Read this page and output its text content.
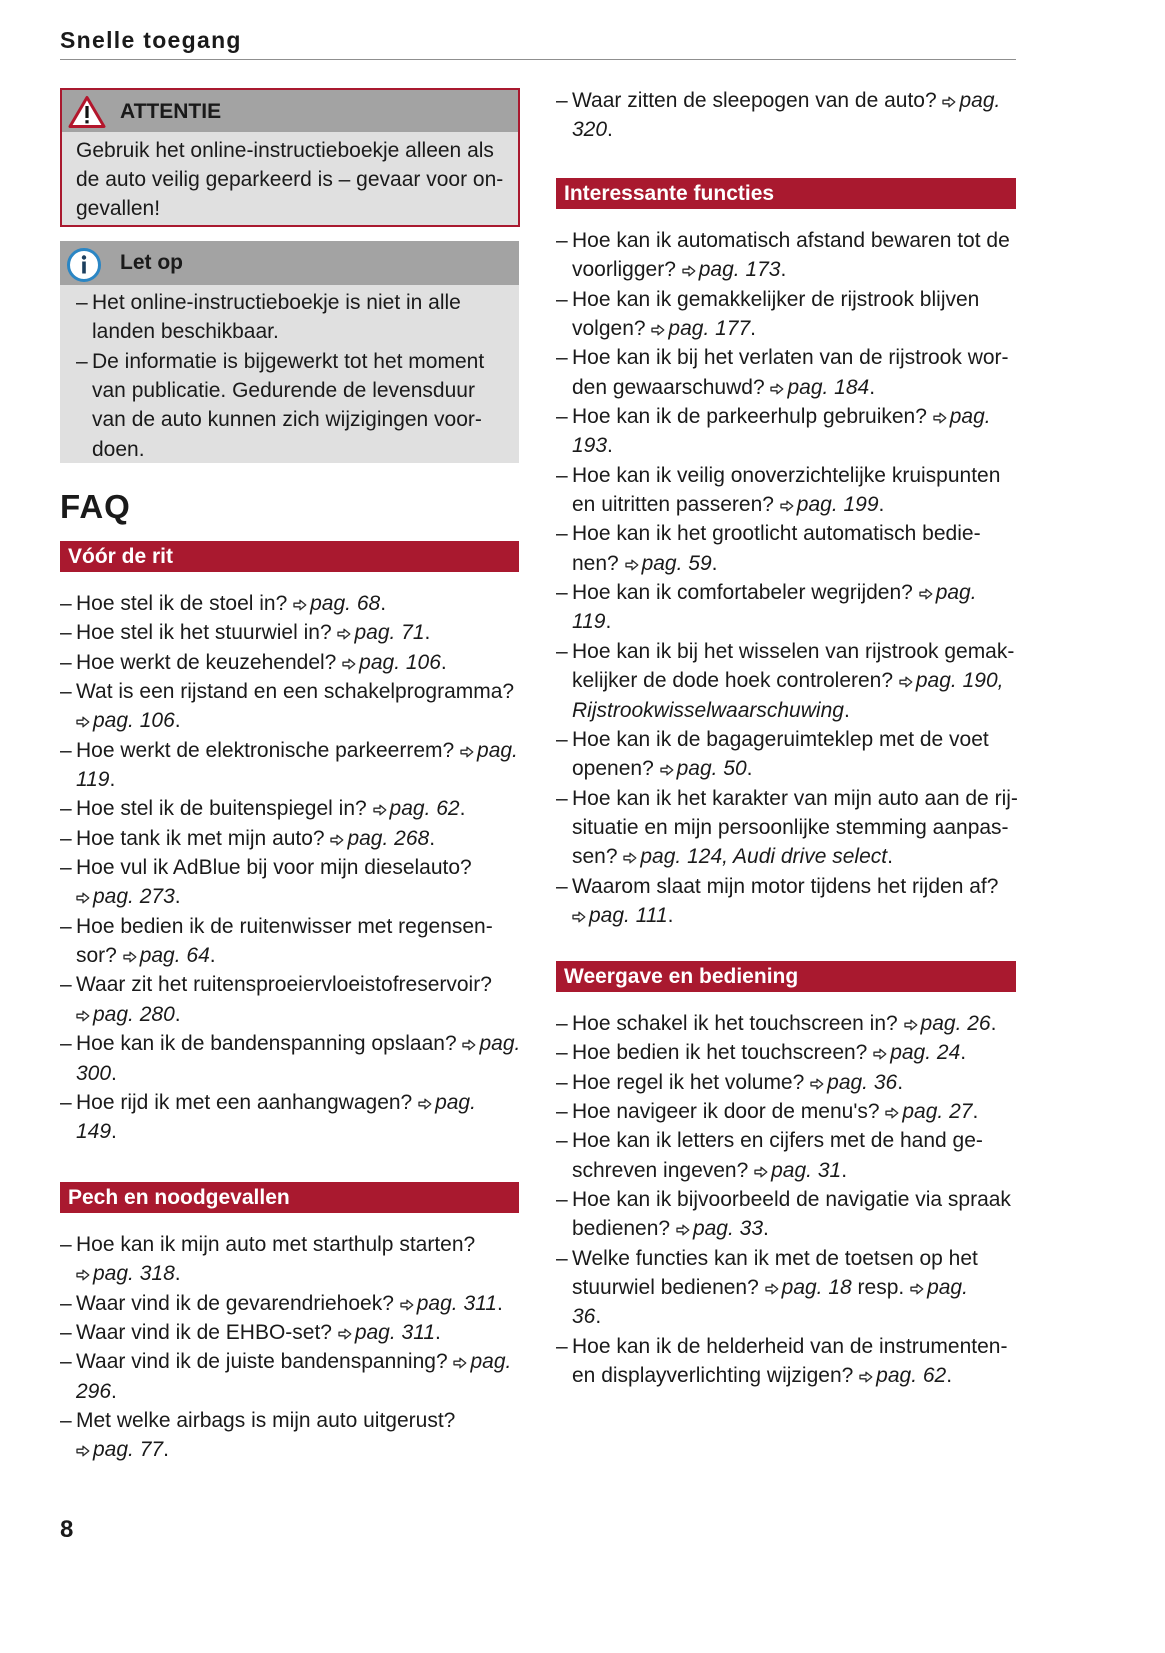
Snelle toegang
ATTENTIE
Gebruik het online-instructieboekje alleen als
de auto veilig geparkeerd is – gevaar voor on-
gevallen!
Let op
– Het online-instructieboekje is niet in alle
landen beschikbaar.
– De informatie is bijgewerkt tot het moment
van publicatie. Gedurende de levensduur
van de auto kunnen zich wijzigingen voor-
doen.
FAQ
Vóór de rit
– Hoe stel ik de stoel in?
pag. 68.
– Hoe stel ik het stuurwiel in?
pag. 71.
– Hoe werkt de keuzehendel?
pag. 106.
– Wat is een rijstand en een schakelprogramma?
pag. 106.
– Hoe werkt de elektronische parkeerrem?
pag.
119.
– Hoe stel ik de buitenspiegel in?
pag. 62.
– Hoe tank ik met mijn auto?
pag. 268.
– Hoe vul ik AdBlue bij voor mijn dieselauto?
pag. 273.
– Hoe bedien ik de ruitenwisser met regensen-
sor?
pag. 64.
– Waar zit het ruitensproeiervloeistofreservoir?
pag. 280.
– Hoe kan ik de bandenspanning opslaan?
pag.
300.
– Hoe rijd ik met een aanhangwagen?
pag.
149.
Pech en noodgevallen
– Hoe kan ik mijn auto met starthulp starten?
pag. 318.
– Waar vind ik de gevarendriehoek?
pag. 311.
– Waar vind ik de EHBO-set?
pag. 311.
– Waar vind ik de juiste bandenspanning?
pag.
296.
– Met welke airbags is mijn auto uitgerust?
pag. 77.
– Waar zitten de sleepogen van de auto?
pag.
320.
Interessante functies
– Hoe kan ik automatisch afstand bewaren tot de
voorligger?
pag. 173.
– Hoe kan ik gemakkelijker de rijstrook blijven
volgen?
pag. 177.
– Hoe kan ik bij het verlaten van de rijstrook wor-
den gewaarschuwd?
pag. 184.
– Hoe kan ik de parkeerhulp gebruiken?
pag.
193.
– Hoe kan ik veilig onoverzichtelijke kruispunten
en uitritten passeren?
pag. 199.
– Hoe kan ik het grootlicht automatisch bedie-
nen?
pag. 59.
– Hoe kan ik comfortabeler wegrijden?
pag.
119.
– Hoe kan ik bij het wisselen van rijstrook gemak-
kelijker de dode hoek controleren?
pag. 190,
Rijstrookwisselwaarschuwing.
– Hoe kan ik de bagageruimteklep met de voet
openen?
pag. 50.
– Hoe kan ik het karakter van mijn auto aan de rij-
situatie en mijn persoonlijke stemming aanpas-
sen?
pag. 124, Audi drive select.
– Waarom slaat mijn motor tijdens het rijden af?
pag. 111.
Weergave en bediening
– Hoe schakel ik het touchscreen in?
pag. 26.
– Hoe bedien ik het touchscreen?
pag. 24.
– Hoe regel ik het volume?
pag. 36.
– Hoe navigeer ik door de menu's?
pag. 27.
– Hoe kan ik letters en cijfers met de hand ge-
schreven ingeven?
pag. 31.
– Hoe kan ik bijvoorbeeld de navigatie via spraak
bedienen?
pag. 33.
– Welke functies kan ik met de toetsen op het
stuurwiel bedienen?
pag. 18 resp.
pag.
36.
– Hoe kan ik de helderheid van de instrumenten-
en displayverlichting wijzigen?
pag. 62.
8
